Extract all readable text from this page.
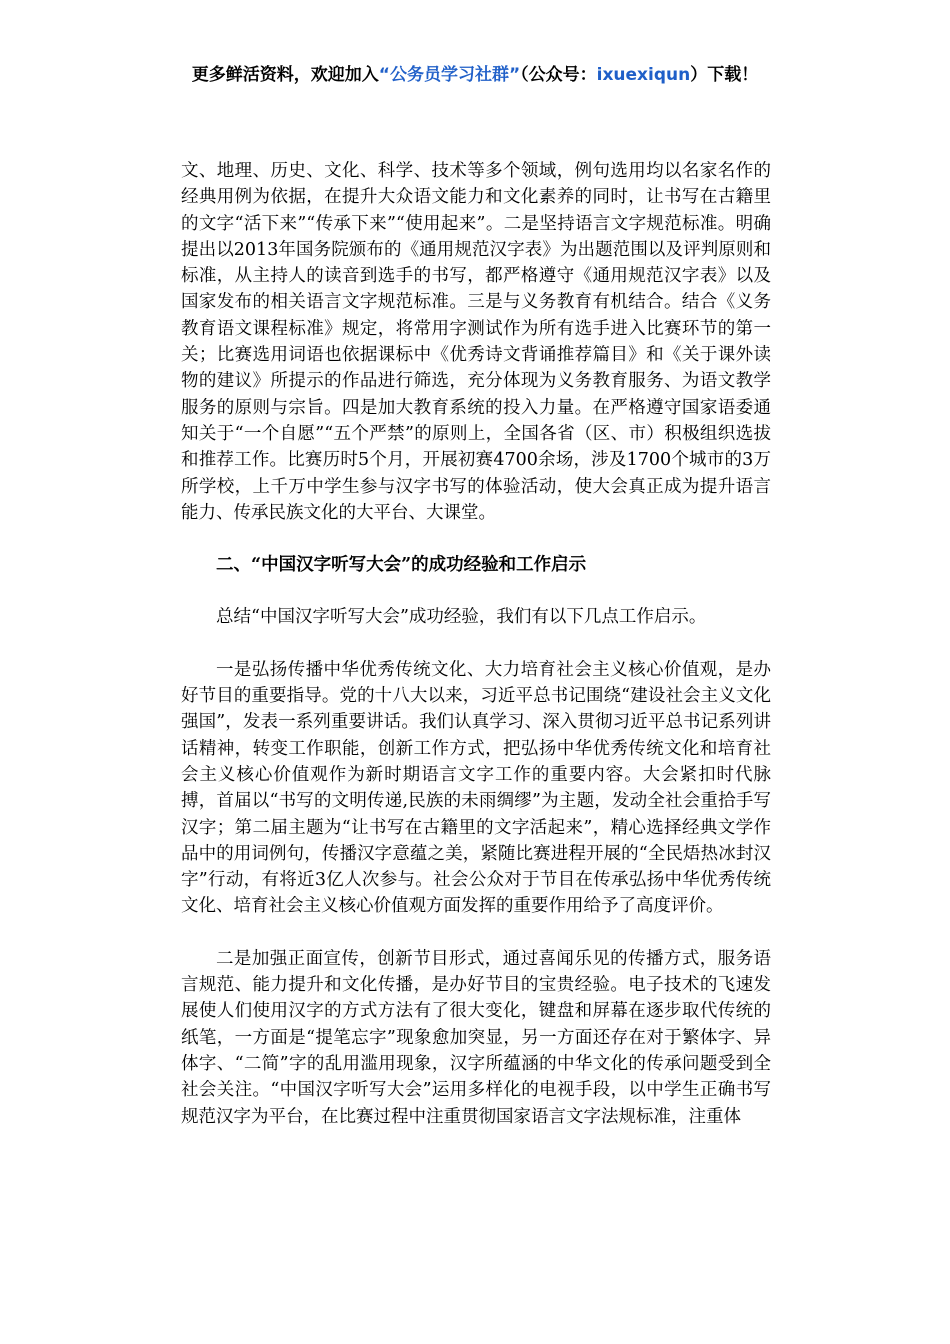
更多鲜活资料，欢迎加入“公务员学习社群”（公众号：ixuexiqun）下载！

文、地理、历史、文化、科学、技术等多个领域，例句选用均以名家名作的经典用例为依据，在提升大众语文能力和文化素养的同时，让书写在古籍里的文字“活下来”“传承下来”“使用起来”。二是坚持语言文字规范标准。明确提出以2013年国务院颁布的《通用规范汉字表》为出题范围以及评判原则和标准，从主持人的读音到选手的书写，都严格遵守《通用规范汉字表》以及国家发布的相关语言文字规范标准。三是与义务教育有机结合。结合《义务教育语文课程标准》规定，将常用字测试作为所有选手进入比赛环节的第一关；比赛选用词语也依据课标中《优秀诗文背诵推荐篇目》和《关于课外读物的建议》所提示的作品进行筛选，充分体现为义务教育服务、为语文教学服务的原则与宗旨。四是加大教育系统的投入力量。在严格遵守国家语委通知关于“一个自愿”“五个严禁”的原则上，全国各省（区、市）积极组织选拔和推荐工作。比赛历时5个月，开展初赛4700余场，涉及1700个城市的3万所学校，上千万中学生参与汉字书写的体验活动，使大会真正成为提升语言能力、传承民族文化的大平台、大课堂。

二、“中国汉字听写大会”的成功经验和工作启示

总结“中国汉字听写大会”成功经验，我们有以下几点工作启示。

一是弘扬传播中华优秀传统文化、大力培育社会主义核心价值观，是办好节目的重要指导。党的十八大以来，习近平总书记围绕“建设社会主义文化强国”，发表一系列重要讲话。我们认真学习、深入贯彻习近平总书记系列讲话精神，转变工作职能，创新工作方式，把弘扬中华优秀传统文化和培育社会主义核心价值观作为新时期语言文字工作的重要内容。大会紧扣时代脉搏，首届以“书写的文明传递,民族的未雨绸缪”为主题，发动全社会重拾手写汉字；第二届主题为“让书写在古籍里的文字活起来”，精心选择经典文学作品中的用词例句，传播汉字意蕴之美，紧随比赛进程开展的“全民焐热冰封汉字”行动，有将近3亿人次参与。社会公众对于节目在传承弘扬中华优秀传统文化、培育社会主义核心价值观方面发挥的重要作用给予了高度评价。

二是加强正面宣传，创新节目形式，通过喜闻乐见的传播方式，服务语言规范、能力提升和文化传播，是办好节目的宝贵经验。电子技术的飞速发展使人们使用汉字的方式方法有了很大变化，键盘和屏幕在逐步取代传统的纸笔，一方面是“提笔忘字”现象愈加突显，另一方面还存在对于繁体字、异体字、“二简”字的乱用滥用现象，汉字所蕴涵的中华文化的传承问题受到全社会关注。“中国汉字听写大会”运用多样化的电视手段，以中学生正确书写规范汉字为平台，在比赛过程中注重贯彻国家语言文字法规标准，注重体
